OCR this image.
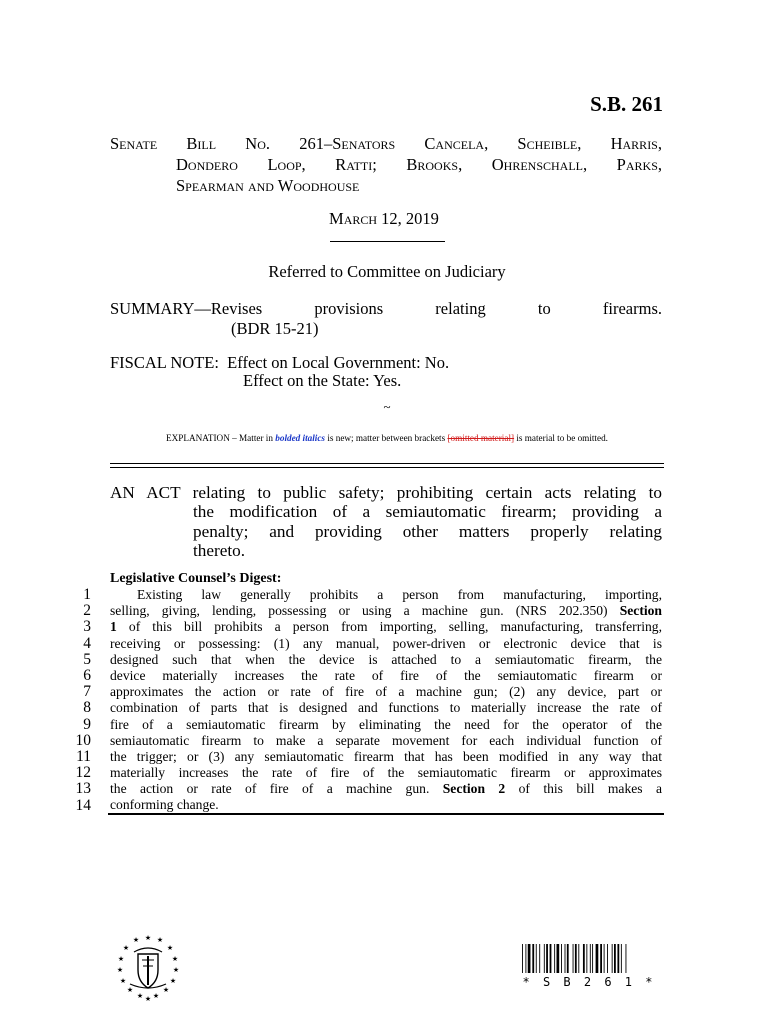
S.B. 261
Senate Bill No. 261–Senators Cancela, Scheible, Harris,
Dondero Loop, Ratti; Brooks, Ohrenschall, Parks,
Spearman and Woodhouse
March 12, 2019
Referred to Committee on Judiciary
SUMMARY—Revises provisions relating to firearms.
(BDR 15-21)
FISCAL NOTE:  Effect on Local Government: No.
Effect on the State: Yes.
~
EXPLANATION – Matter in bolded italics is new; matter between brackets [omitted material] is material to be omitted.
AN ACT relating to public safety; prohibiting certain acts relating to
the modification of a semiautomatic firearm; providing a
penalty; and providing other matters properly relating
thereto.
Legislative Counsel’s Digest:
1
2
3
4
5
6
7
8
9
10
11
12
13
14
Existing law generally prohibits a person from manufacturing, importing,
selling, giving, lending, possessing or using a machine gun. (NRS 202.350) Section
1 of this bill prohibits a person from importing, selling, manufacturing, transferring,
receiving or possessing: (1) any manual, power-driven or electronic device that is
designed such that when the device is attached to a semiautomatic firearm, the
device materially increases the rate of fire of the semiautomatic firearm or
approximates the action or rate of fire of a machine gun; (2) any device, part or
combination of parts that is designed and functions to materially increase the rate of
fire of a semiautomatic firearm by eliminating the need for the operator of the
semiautomatic firearm to make a separate movement for each individual function of
the trigger; or (3) any semiautomatic firearm that has been modified in any way that
materially increases the rate of fire of the semiautomatic firearm or approximates
the action or rate of fire of a machine gun. Section 2 of this bill makes a
conforming change.
★
★	★
★	★
★	★
★	★
★	★
★	★
★ ★
★
* S B 2 6 1 *
